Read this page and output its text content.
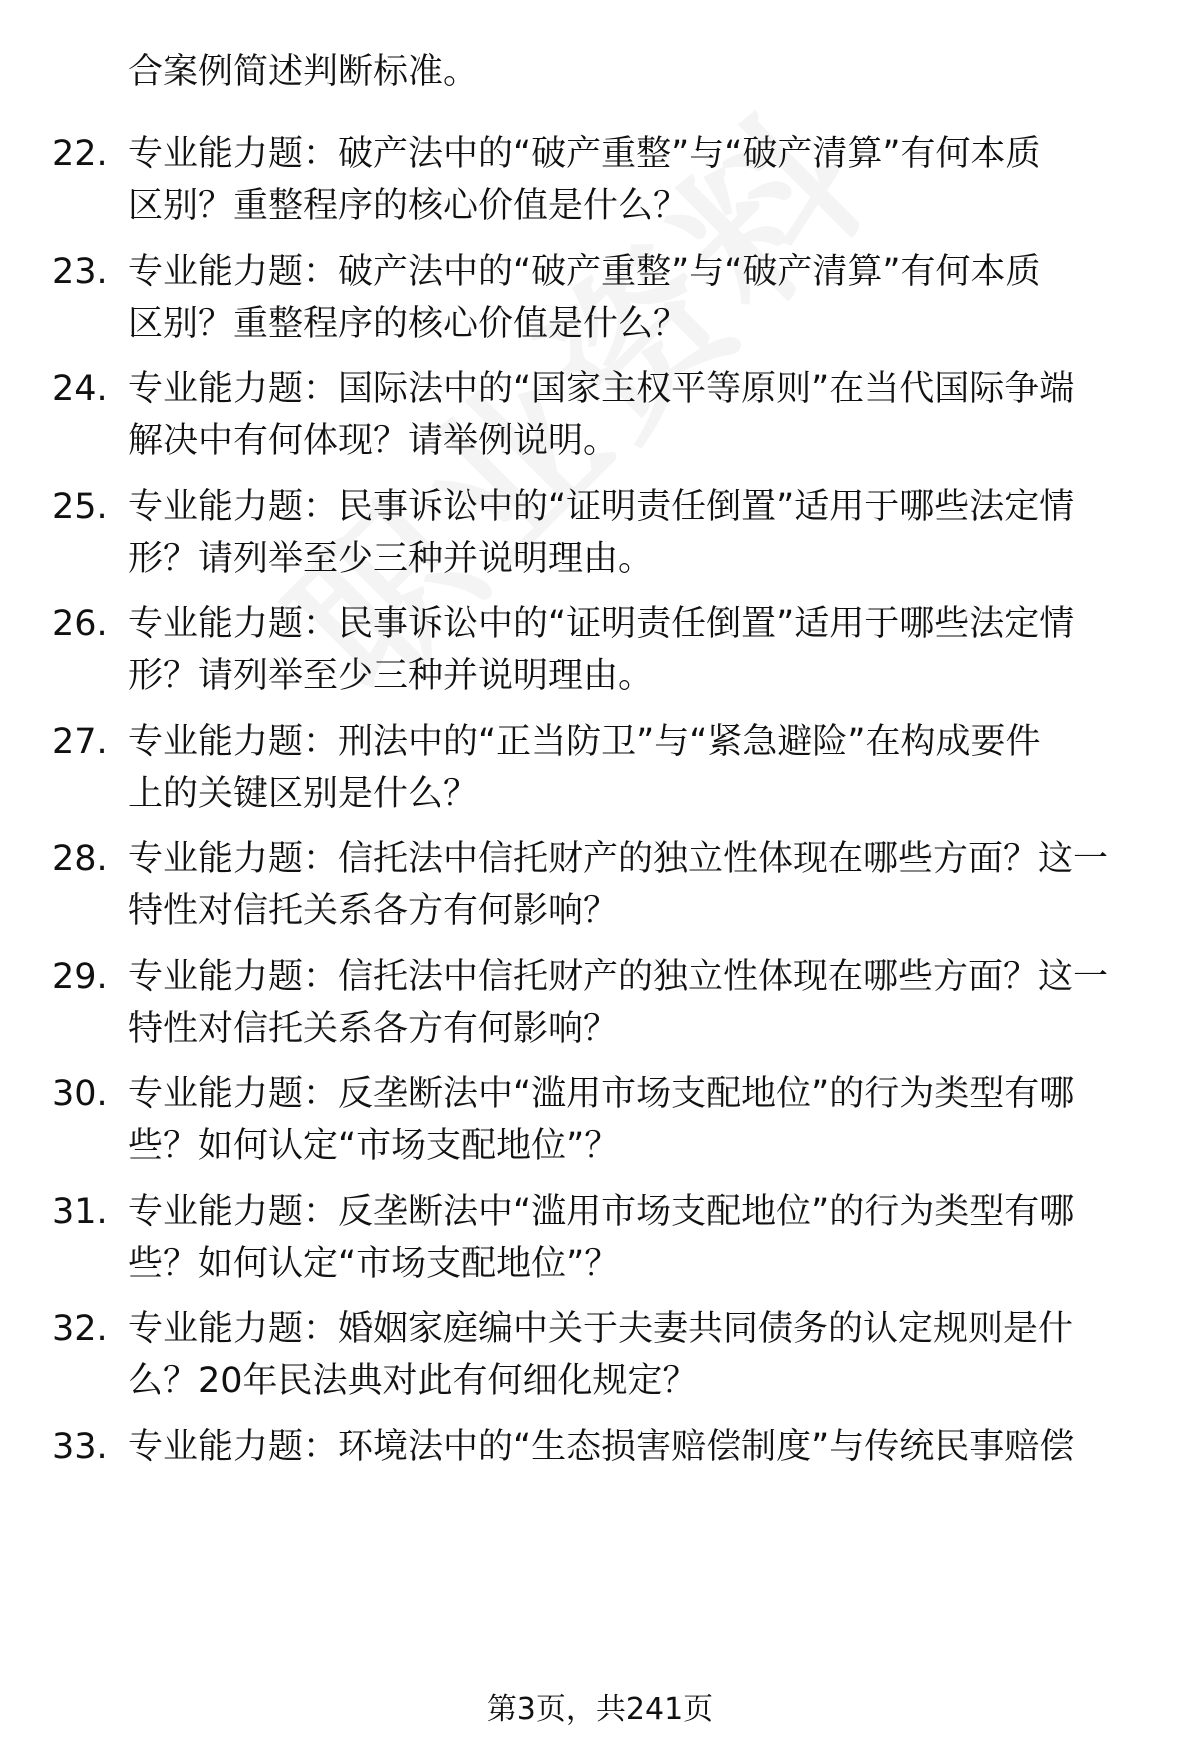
合案例简述判断标准。
22. 专业能力题：破产法中的“破产重整”与“破产清算”有何本质
区别？重整程序的核心价值是什么？
23. 专业能力题：破产法中的“破产重整”与“破产清算”有何本质
区别？重整程序的核心价值是什么？
24. 专业能力题：国际法中的“国家主权平等原则”在当代国际争端
解决中有何体现？请举例说明。
25. 专业能力题：民事诉讼中的“证明责任倒置”适用于哪些法定情
形？请列举至少三种并说明理由。
26. 专业能力题：民事诉讼中的“证明责任倒置”适用于哪些法定情
形？请列举至少三种并说明理由。
27. 专业能力题：刑法中的“正当防卫”与“紧急避险”在构成要件
上的关键区别是什么？
28. 专业能力题：信托法中信托财产的独立性体现在哪些方面？这一
特性对信托关系各方有何影响？
29. 专业能力题：信托法中信托财产的独立性体现在哪些方面？这一
特性对信托关系各方有何影响？
30. 专业能力题：反垄断法中“滥用市场支配地位”的行为类型有哪
些？如何认定“市场支配地位”？
31. 专业能力题：反垄断法中“滥用市场支配地位”的行为类型有哪
些？如何认定“市场支配地位”？
32. 专业能力题：婚姻家庭编中关于夫妻共同债务的认定规则是什
么？20年民法典对此有何细化规定？
33. 专业能力题：环境法中的“生态损害赔偿制度”与传统民事赔偿
第3页，共241页
